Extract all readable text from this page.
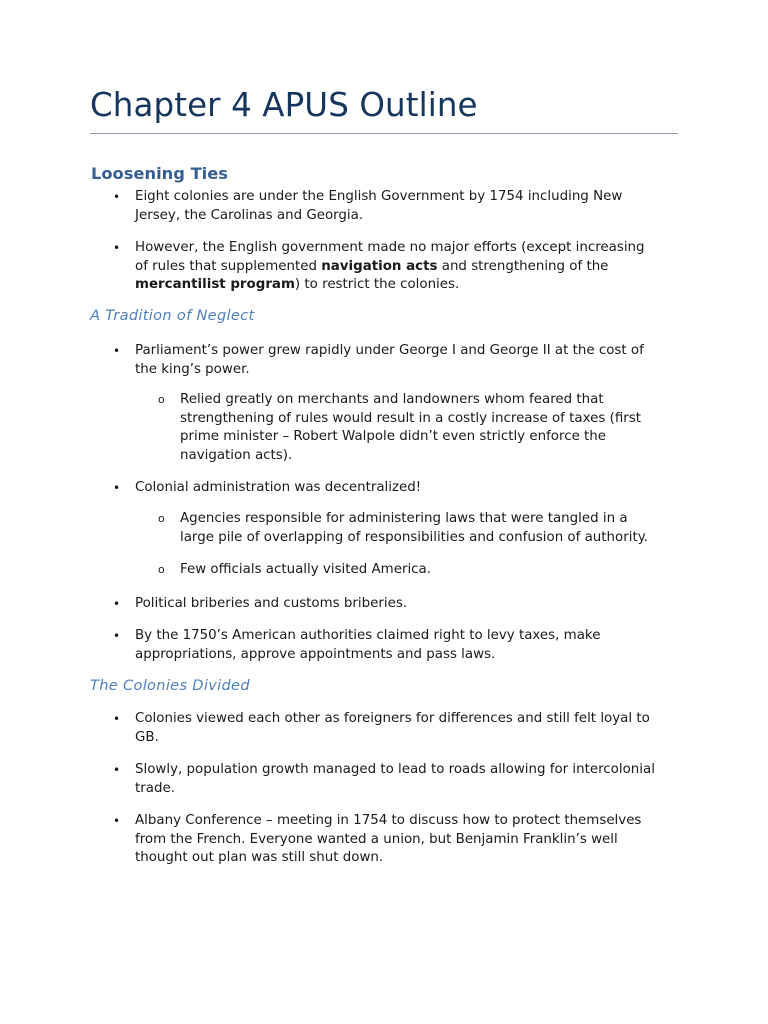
Chapter 4 APUS Outline
Loosening Ties
• Eight colonies are under the English Government by 1754 including New
Jersey, the Carolinas and Georgia.
• However, the English government made no major efforts (except increasing
of rules that supplemented navigation acts and strengthening of the
mercantilist program) to restrict the colonies.
A Tradition of Neglect
• Parliament’s power grew rapidly under George I and George II at the cost of
the king’s power.
o Relied greatly on merchants and landowners whom feared that
strengthening of rules would result in a costly increase of taxes (first
prime minister – Robert Walpole didn’t even strictly enforce the
navigation acts).
• Colonial administration was decentralized!
o Agencies responsible for administering laws that were tangled in a
large pile of overlapping of responsibilities and confusion of authority.
o Few officials actually visited America.
• Political briberies and customs briberies.
• By the 1750’s American authorities claimed right to levy taxes, make
appropriations, approve appointments and pass laws.
The Colonies Divided
• Colonies viewed each other as foreigners for differences and still felt loyal to
GB.
• Slowly, population growth managed to lead to roads allowing for intercolonial
trade.
• Albany Conference – meeting in 1754 to discuss how to protect themselves
from the French. Everyone wanted a union, but Benjamin Franklin’s well
thought out plan was still shut down.
